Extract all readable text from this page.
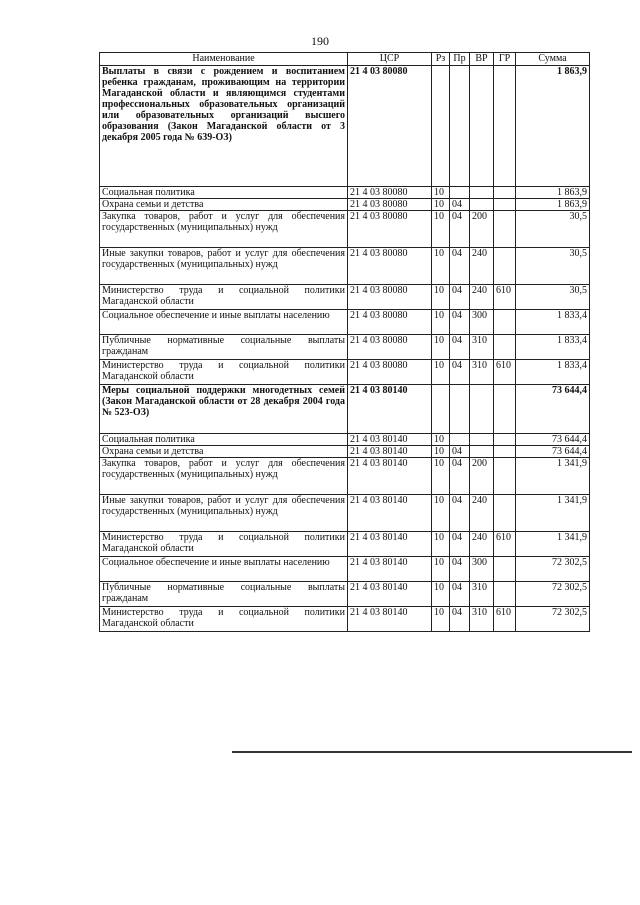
190
Наименование	ЦСР	Рз	Пр	ВР	ГР	Сумма
Выплаты в связи с рождением и воспитанием ребенка гражданам, проживающим на территории Магаданской области и являющимся студентами профессиональных образовательных организаций или образовательных организаций высшего образования (Закон Магаданской области от 3 декабря 2005 года № 639-ОЗ)	21 4 03 80080					1 863,9
Социальная политика	21 4 03 80080	10				1 863,9
Охрана семьи и детства	21 4 03 80080	10	04			1 863,9
Закупка товаров, работ и услуг для обеспечения государственных (муниципальных) нужд	21 4 03 80080	10	04	200		30,5
Иные закупки товаров, работ и услуг для обеспечения государственных (муниципальных) нужд	21 4 03 80080	10	04	240		30,5
Министерство труда и социальной политики Магаданской области	21 4 03 80080	10	04	240	610	30,5
Социальное обеспечение и иные выплаты населению	21 4 03 80080	10	04	300		1 833,4
Публичные нормативные социальные выплаты гражданам	21 4 03 80080	10	04	310		1 833,4
Министерство труда и социальной политики Магаданской области	21 4 03 80080	10	04	310	610	1 833,4
Меры социальной поддержки многодетных семей (Закон Магаданской области от 28 декабря 2004 года № 523-ОЗ)	21 4 03 80140					73 644,4
Социальная политика	21 4 03 80140	10				73 644,4
Охрана семьи и детства	21 4 03 80140	10	04			73 644,4
Закупка товаров, работ и услуг для обеспечения государственных (муниципальных) нужд	21 4 03 80140	10	04	200		1 341,9
Иные закупки товаров, работ и услуг для обеспечения государственных (муниципальных) нужд	21 4 03 80140	10	04	240		1 341,9
Министерство труда и социальной политики Магаданской области	21 4 03 80140	10	04	240	610	1 341,9
Социальное обеспечение и иные выплаты населению	21 4 03 80140	10	04	300		72 302,5
Публичные нормативные социальные выплаты гражданам	21 4 03 80140	10	04	310		72 302,5
Министерство труда и социальной политики Магаданской области	21 4 03 80140	10	04	310	610	72 302,5
